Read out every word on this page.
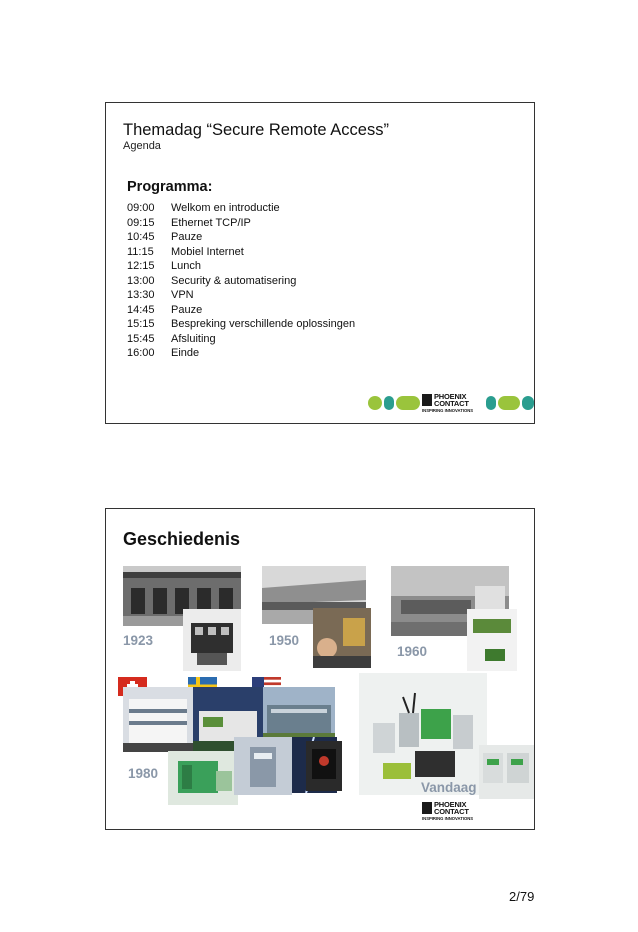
Themadag “Secure Remote Access”
Agenda
Programma:
09:00	Welkom en introductie
09:15	Ethernet TCP/IP
10:45	Pauze
11:15	Mobiel Internet
12:15	Lunch
13:00	Security & automatisering
13:30	VPN
14:45	Pauze
15:15	Bespreking verschillende oplossingen
15:45	Afsluiting
16:00	Einde
PHOENIX
CONTACT
INSPIRING INNOVATIONS
Geschiedenis
1923	1950
1960
1980
Vandaag
PHOENIX
CONTACT
INSPIRING INNOVATIONS
2/79
